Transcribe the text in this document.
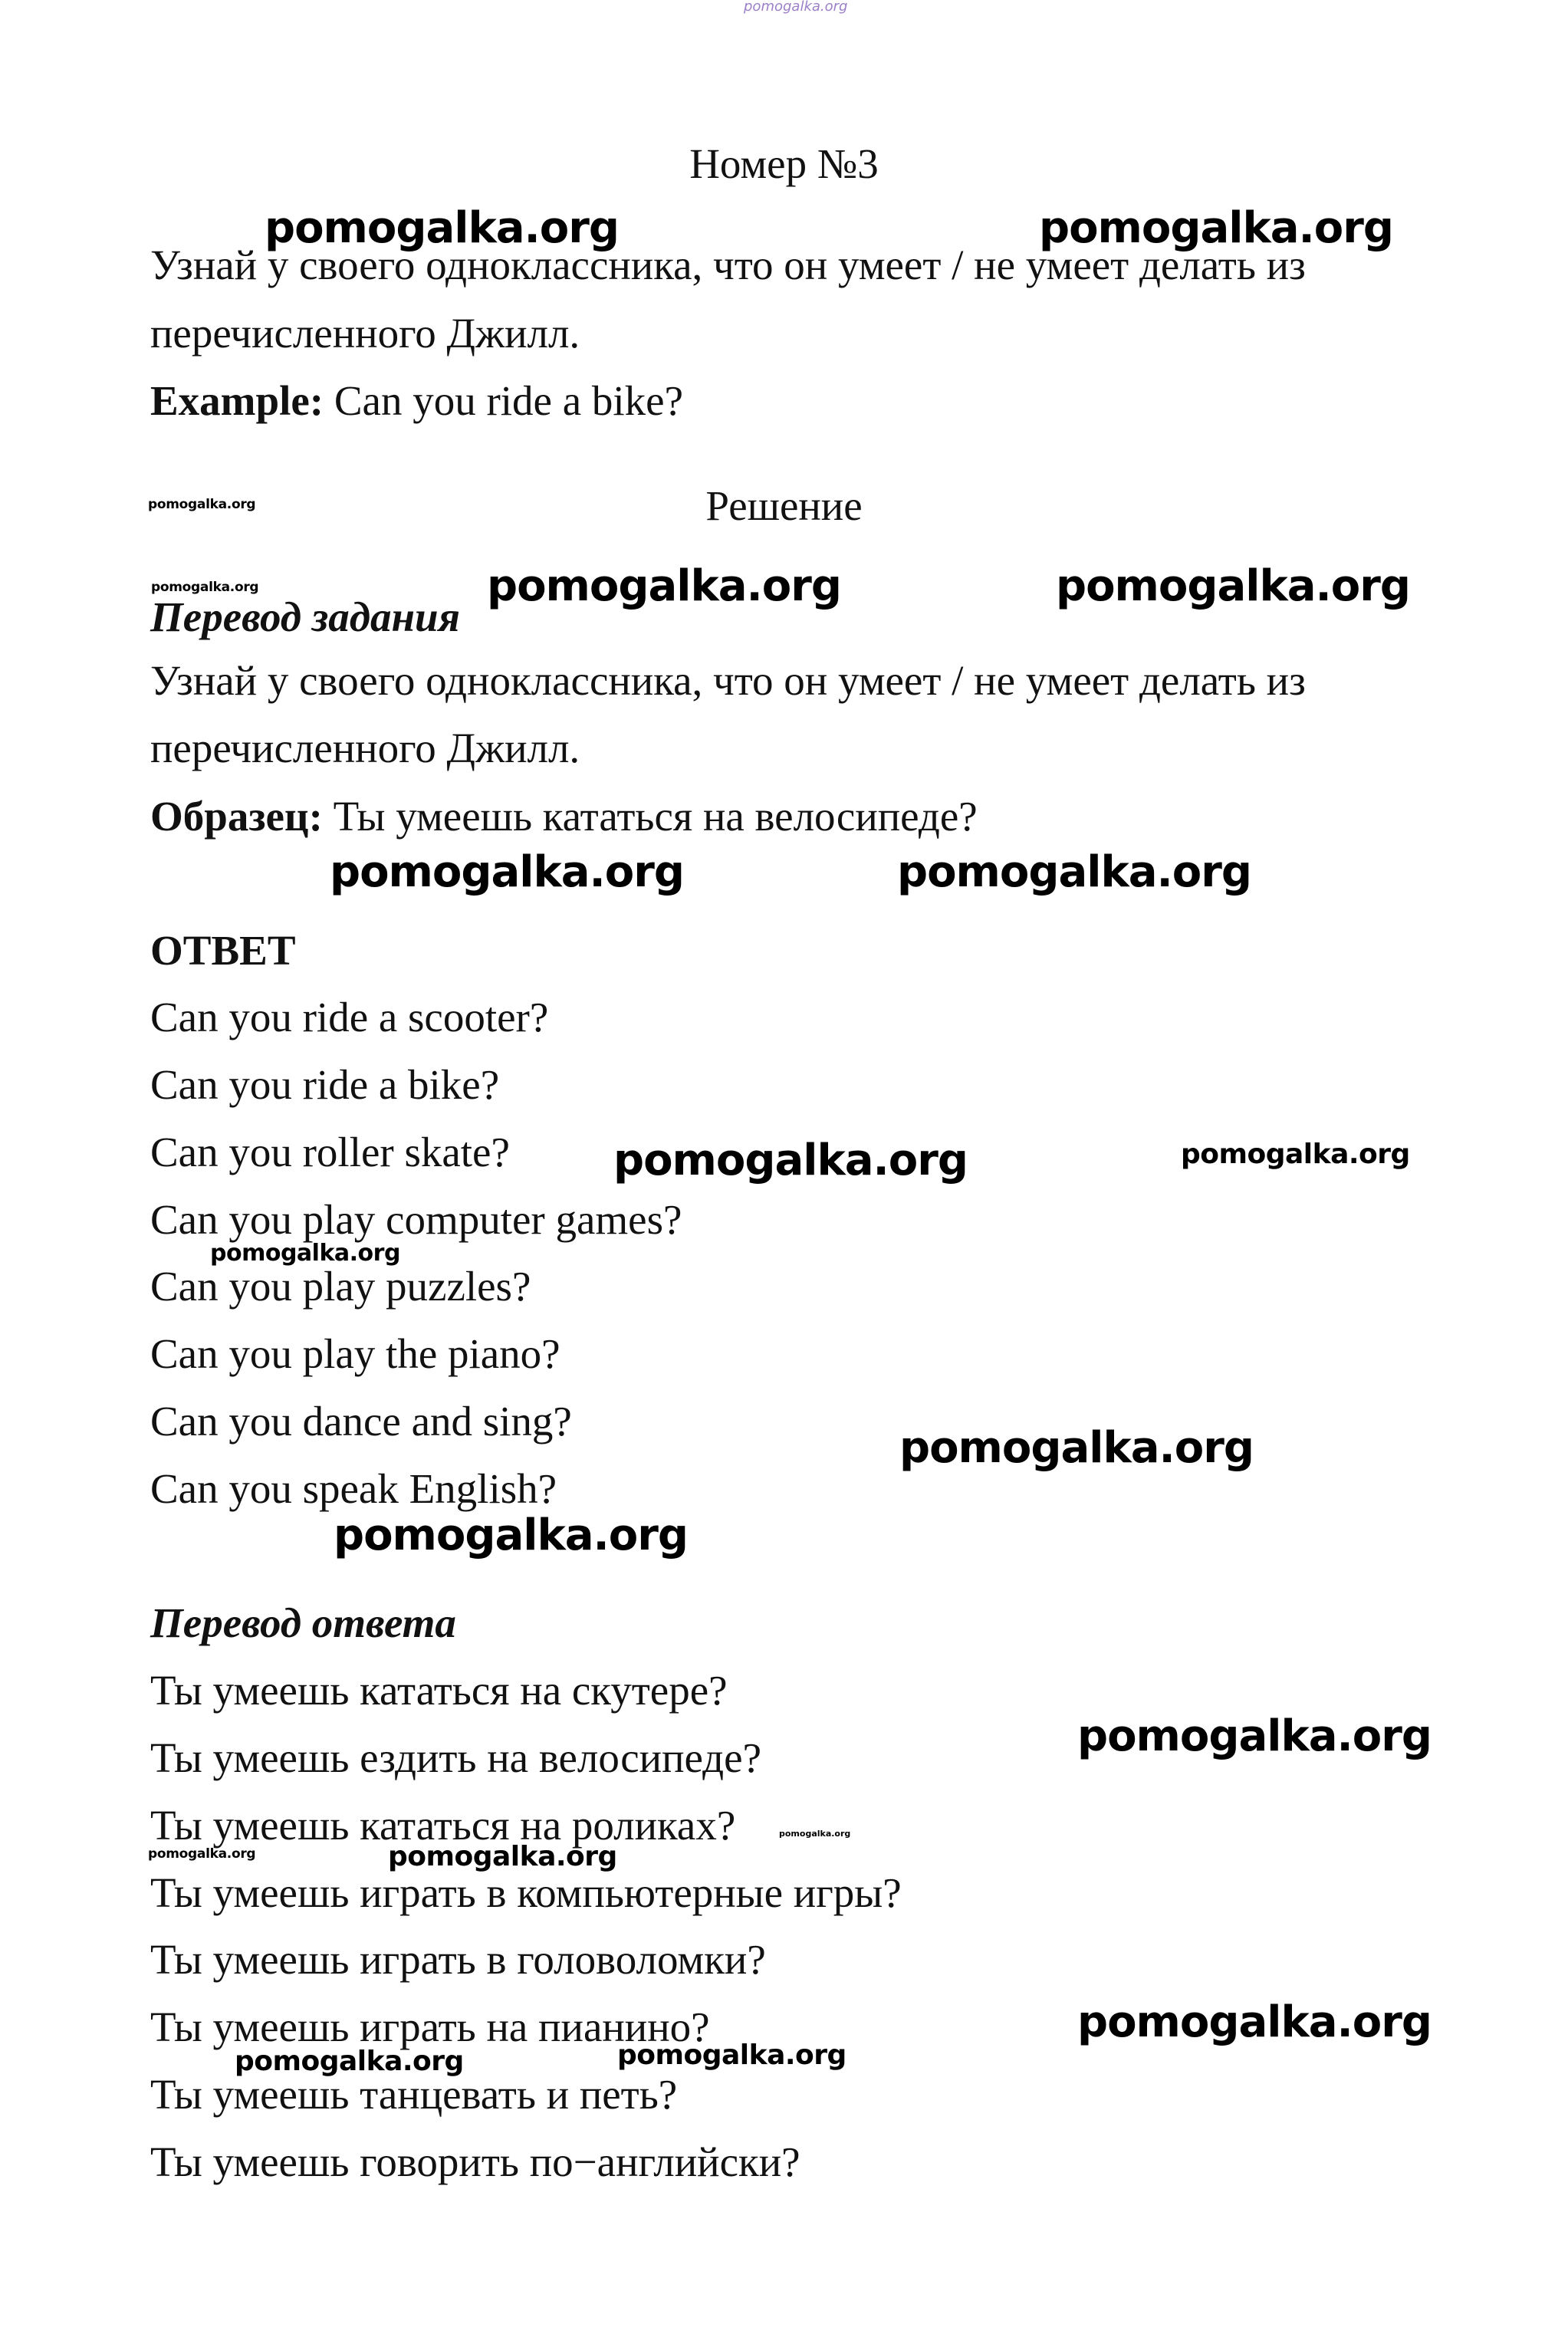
Номер №3
Узнай у своего одноклассника, что он умеет / не умеет делать из
перечисленного Джилл.
Example: Can you ride a bike?
Решение
Перевод задания
Узнай у своего одноклассника, что он умеет / не умеет делать из
перечисленного Джилл.
Образец: Ты умеешь кататься на велосипеде?
ОТВЕТ
Can you ride a scooter?
Can you ride a bike?
Can you roller skate?
Can you play computer games?
Can you play puzzles?
Can you play the piano?
Can you dance and sing?
Can you speak English?
Перевод ответа
Ты умеешь кататься на скутере?
Ты умеешь ездить на велосипеде?
Ты умеешь кататься на роликах?
Ты умеешь играть в компьютерные игры?
Ты умеешь играть в головоломки?
Ты умеешь играть на пианино?
Ты умеешь танцевать и петь?
Ты умеешь говорить по−английски?
pomogalka.org
pomogalka.org	pomogalka.org
pomogalka.org
pomogalka.org	pomogalka.org	pomogalka.org
pomogalka.org	pomogalka.org
pomogalka.org	pomogalka.org
pomogalka.org
pomogalka.org
pomogalka.org
pomogalka.org
pomogalka.org
pomogalka.org	pomogalka.org
pomogalka.org
pomogalka.org	pomogalka.org
